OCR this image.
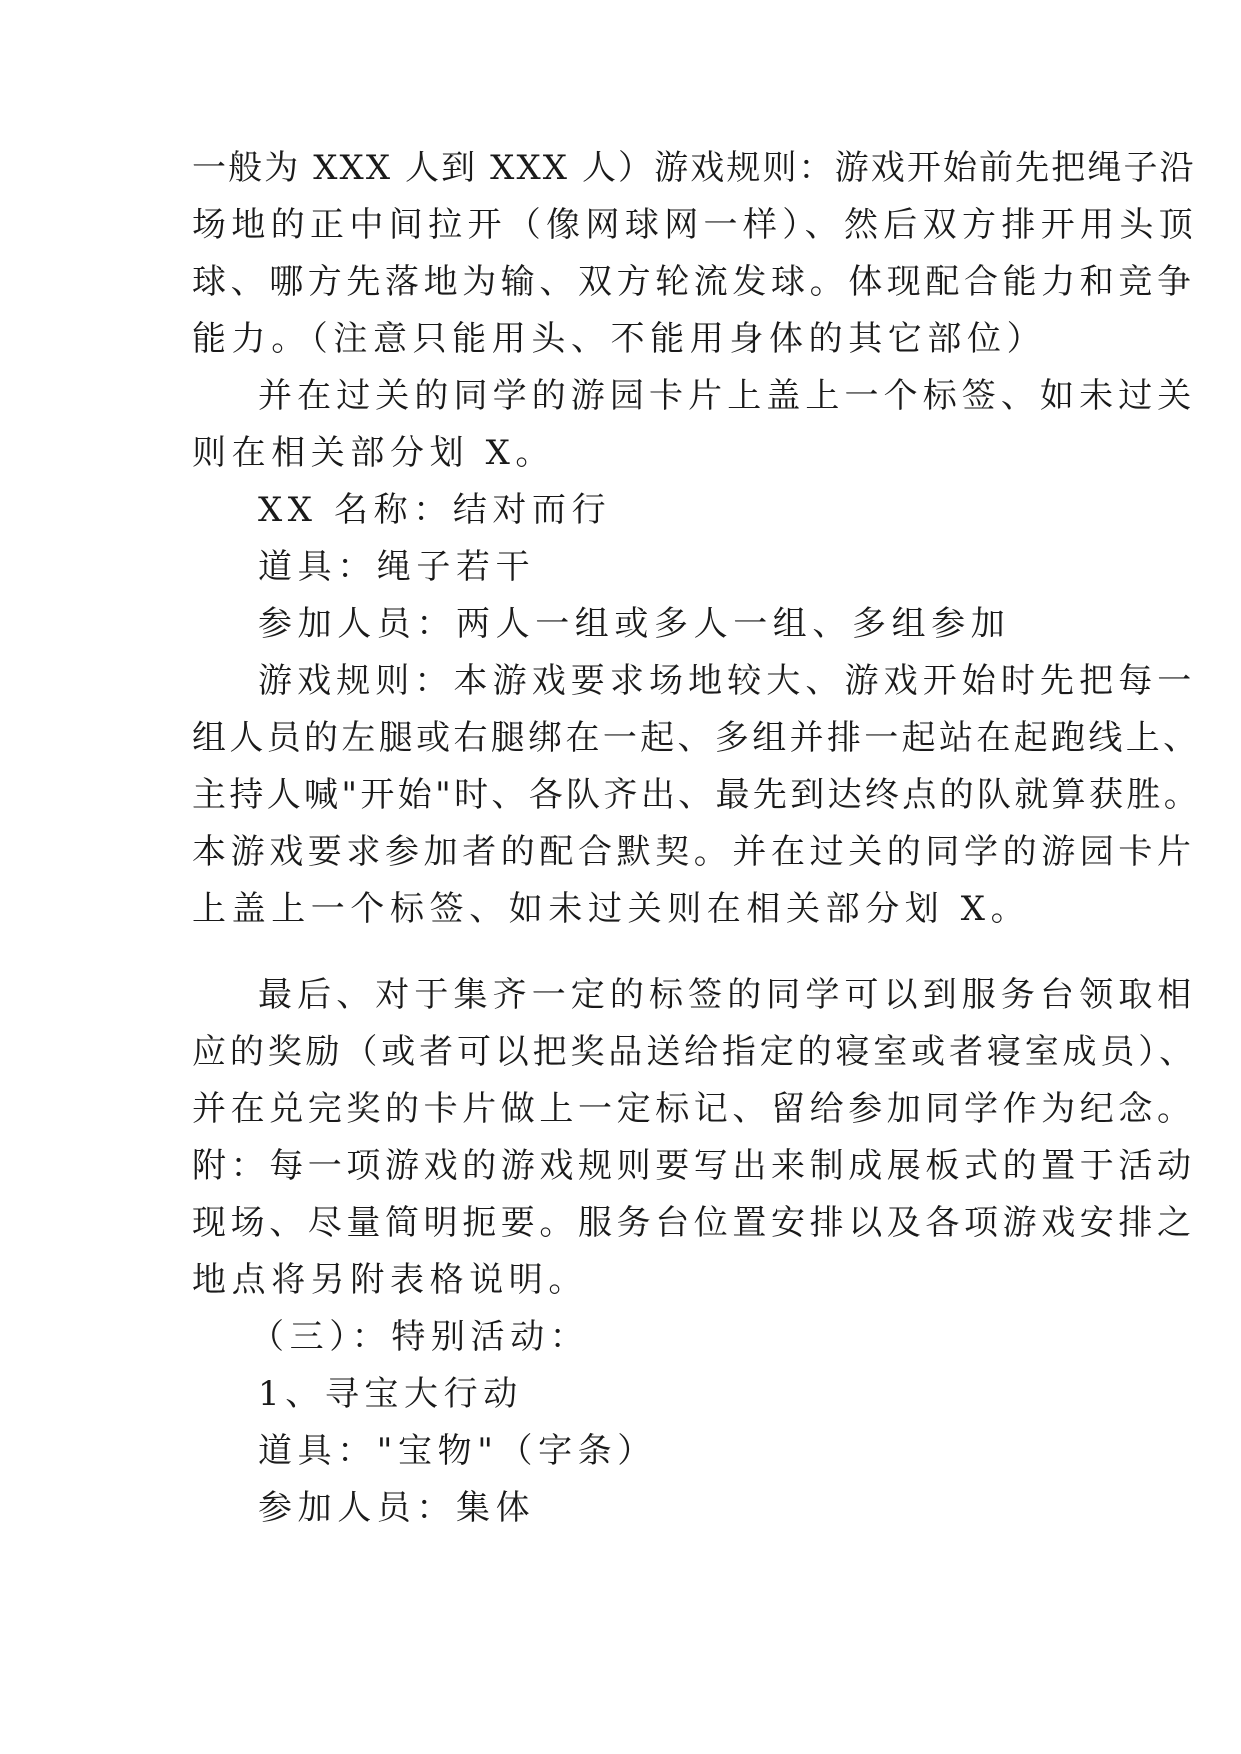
一般为 XXX 人到 XXX 人）游戏规则：游戏开始前先把绳子沿
场地的正中间拉开（像网球网一样）、然后双方排开用头顶
球、哪方先落地为输、双方轮流发球。体现配合能力和竞争
能力。（注意只能用头、不能用身体的其它部位）
并在过关的同学的游园卡片上盖上一个标签、如未过关
则在相关部分划 X。
XX 名称：结对而行
道具：绳子若干
参加人员：两人一组或多人一组、多组参加
游戏规则：本游戏要求场地较大、游戏开始时先把每一
组人员的左腿或右腿绑在一起、多组并排一起站在起跑线上、
主持人喊"开始"时、各队齐出、最先到达终点的队就算获胜。
本游戏要求参加者的配合默契。并在过关的同学的游园卡片
上盖上一个标签、如未过关则在相关部分划 X。
最后、对于集齐一定的标签的同学可以到服务台领取相
应的奖励（或者可以把奖品送给指定的寝室或者寝室成员）、
并在兑完奖的卡片做上一定标记、留给参加同学作为纪念。
附：每一项游戏的游戏规则要写出来制成展板式的置于活动
现场、尽量简明扼要。服务台位置安排以及各项游戏安排之
地点将另附表格说明。
（三）：特别活动：
1、寻宝大行动
道具："宝物"（字条）
参加人员：集体
